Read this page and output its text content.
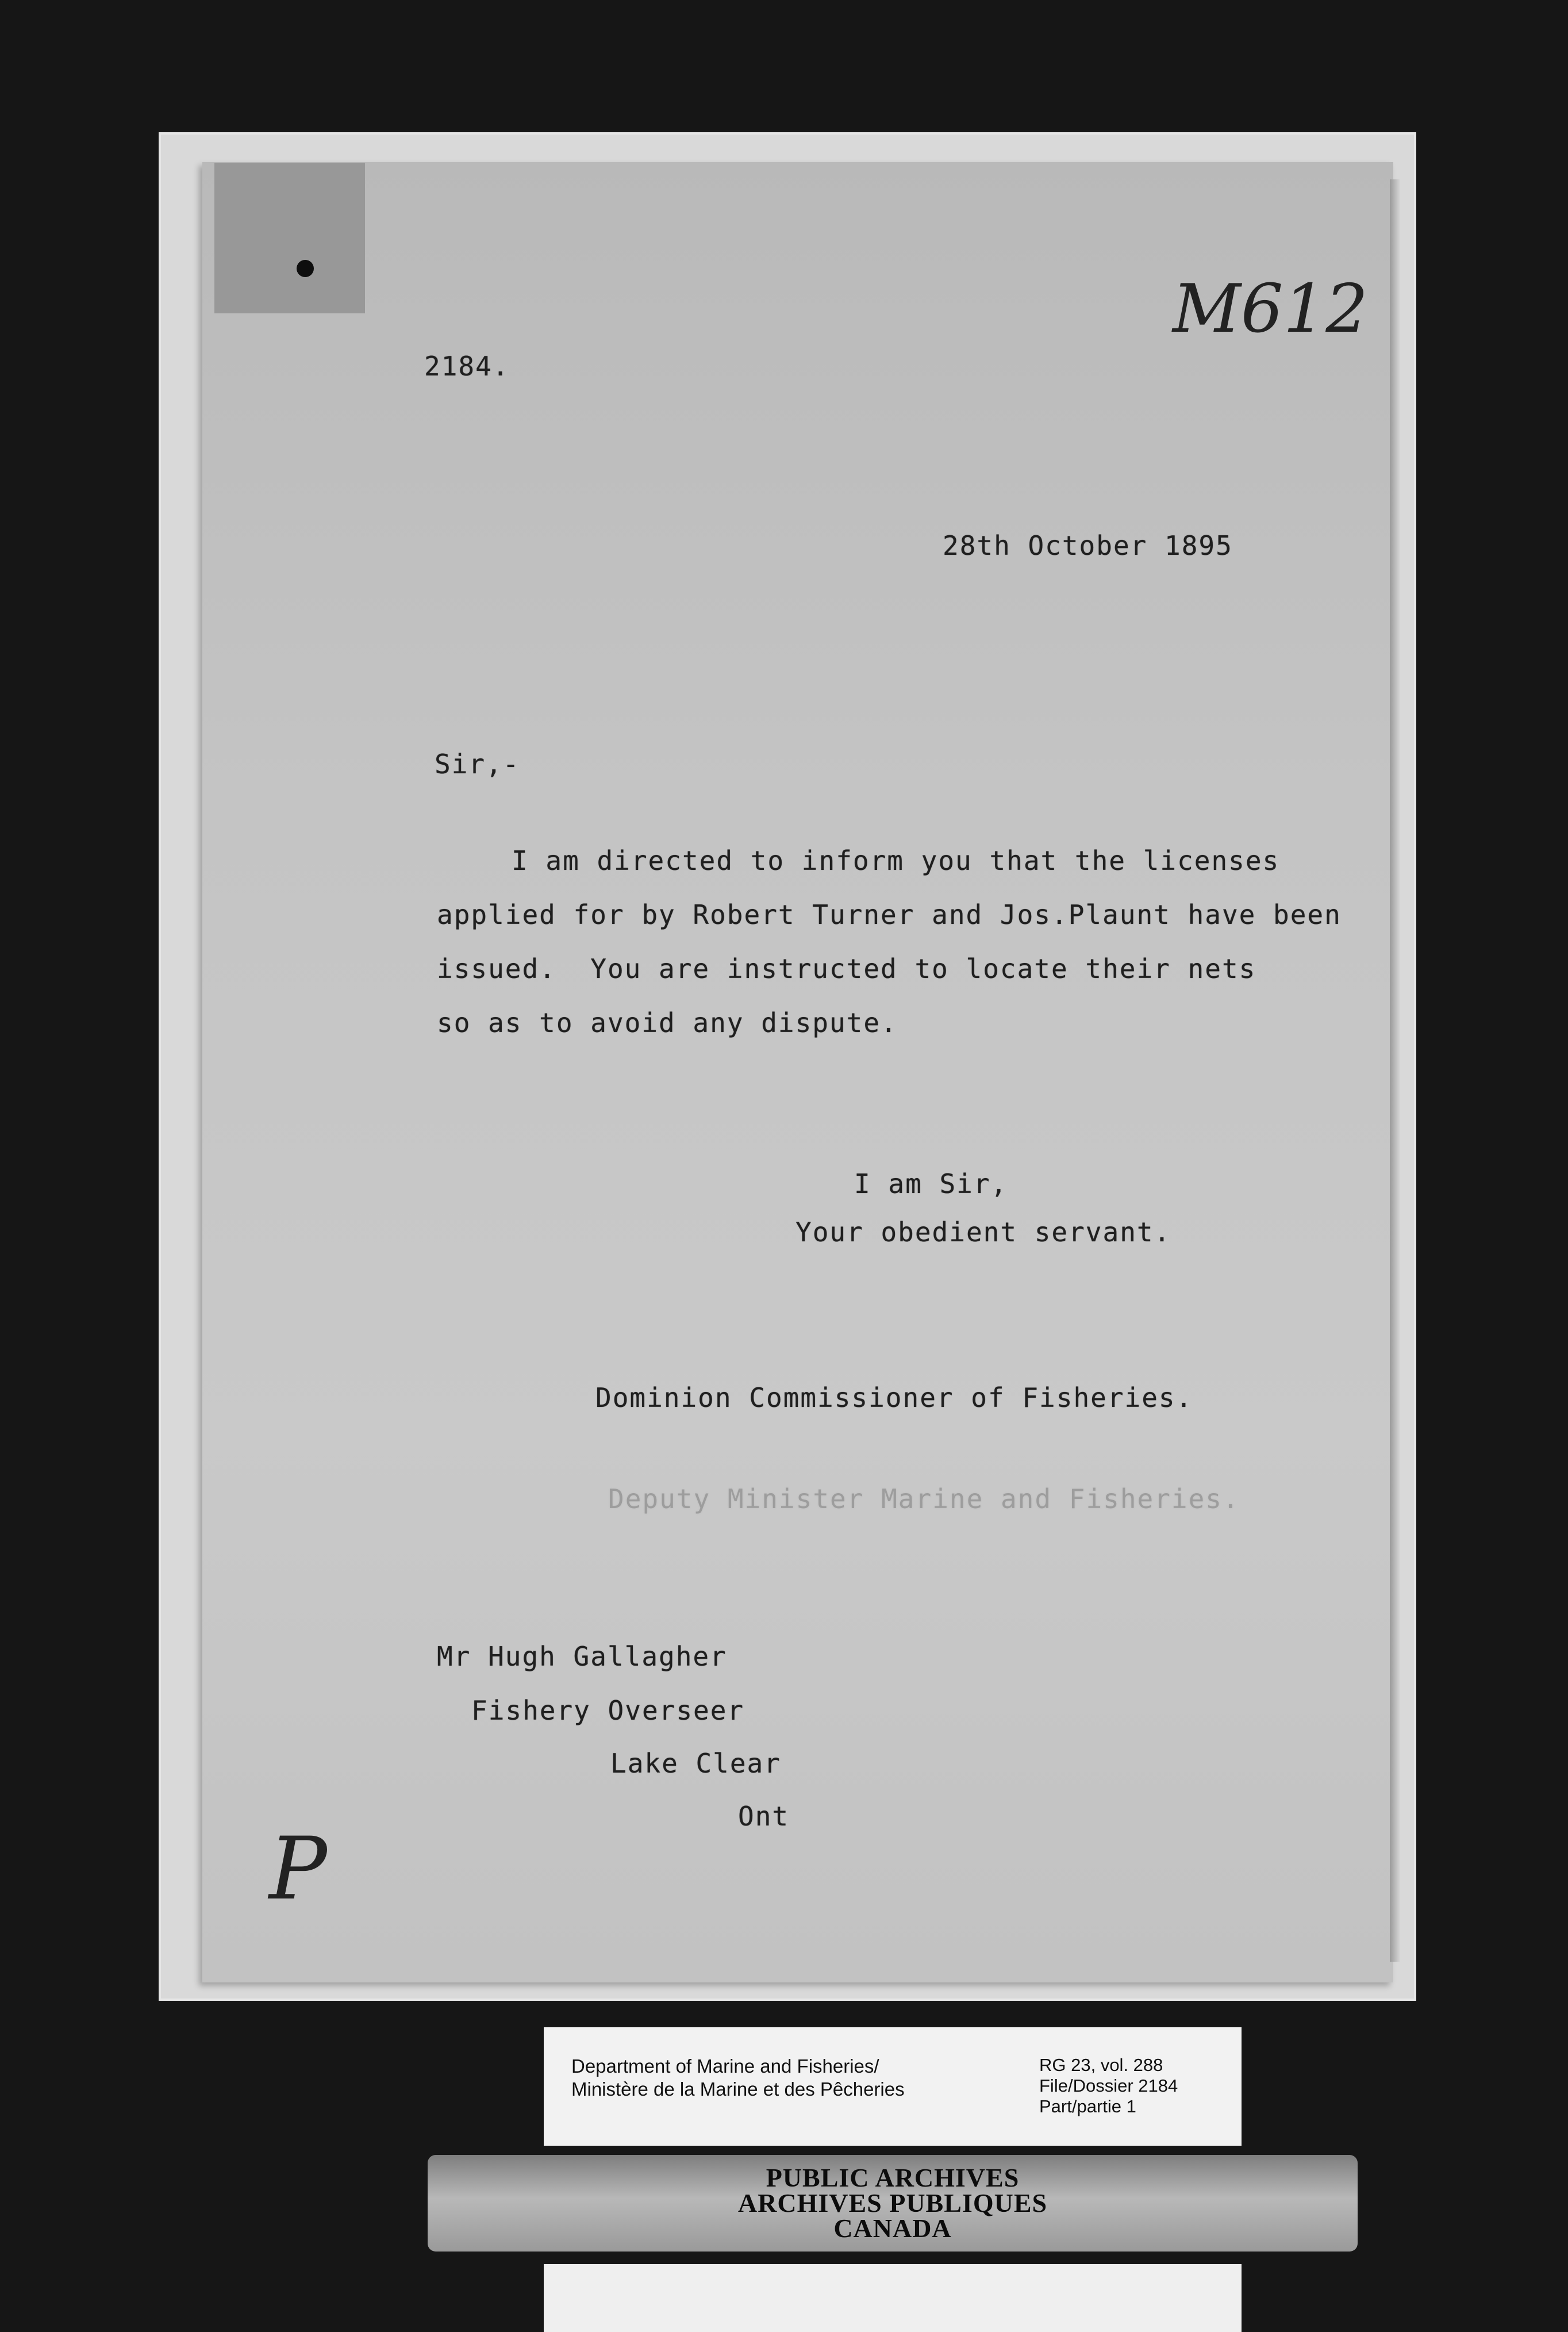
M612
2184.
28th October 1895
Sir,-
I am directed to inform you that the licenses
applied for by Robert Turner and Jos.Plaunt have been
issued.  You are instructed to locate their nets
so as to avoid any dispute.
I am Sir,
Your obedient servant.
Dominion Commissioner of Fisheries.
Deputy Minister Marine and Fisheries.
Mr Hugh Gallagher
Fishery Overseer
Lake Clear
Ont
P
Department of Marine and Fisheries/
Ministère de la Marine et des Pêcheries
RG 23, vol. 288
File/Dossier 2184
Part/partie 1
PUBLIC ARCHIVES
ARCHIVES PUBLIQUES
CANADA
